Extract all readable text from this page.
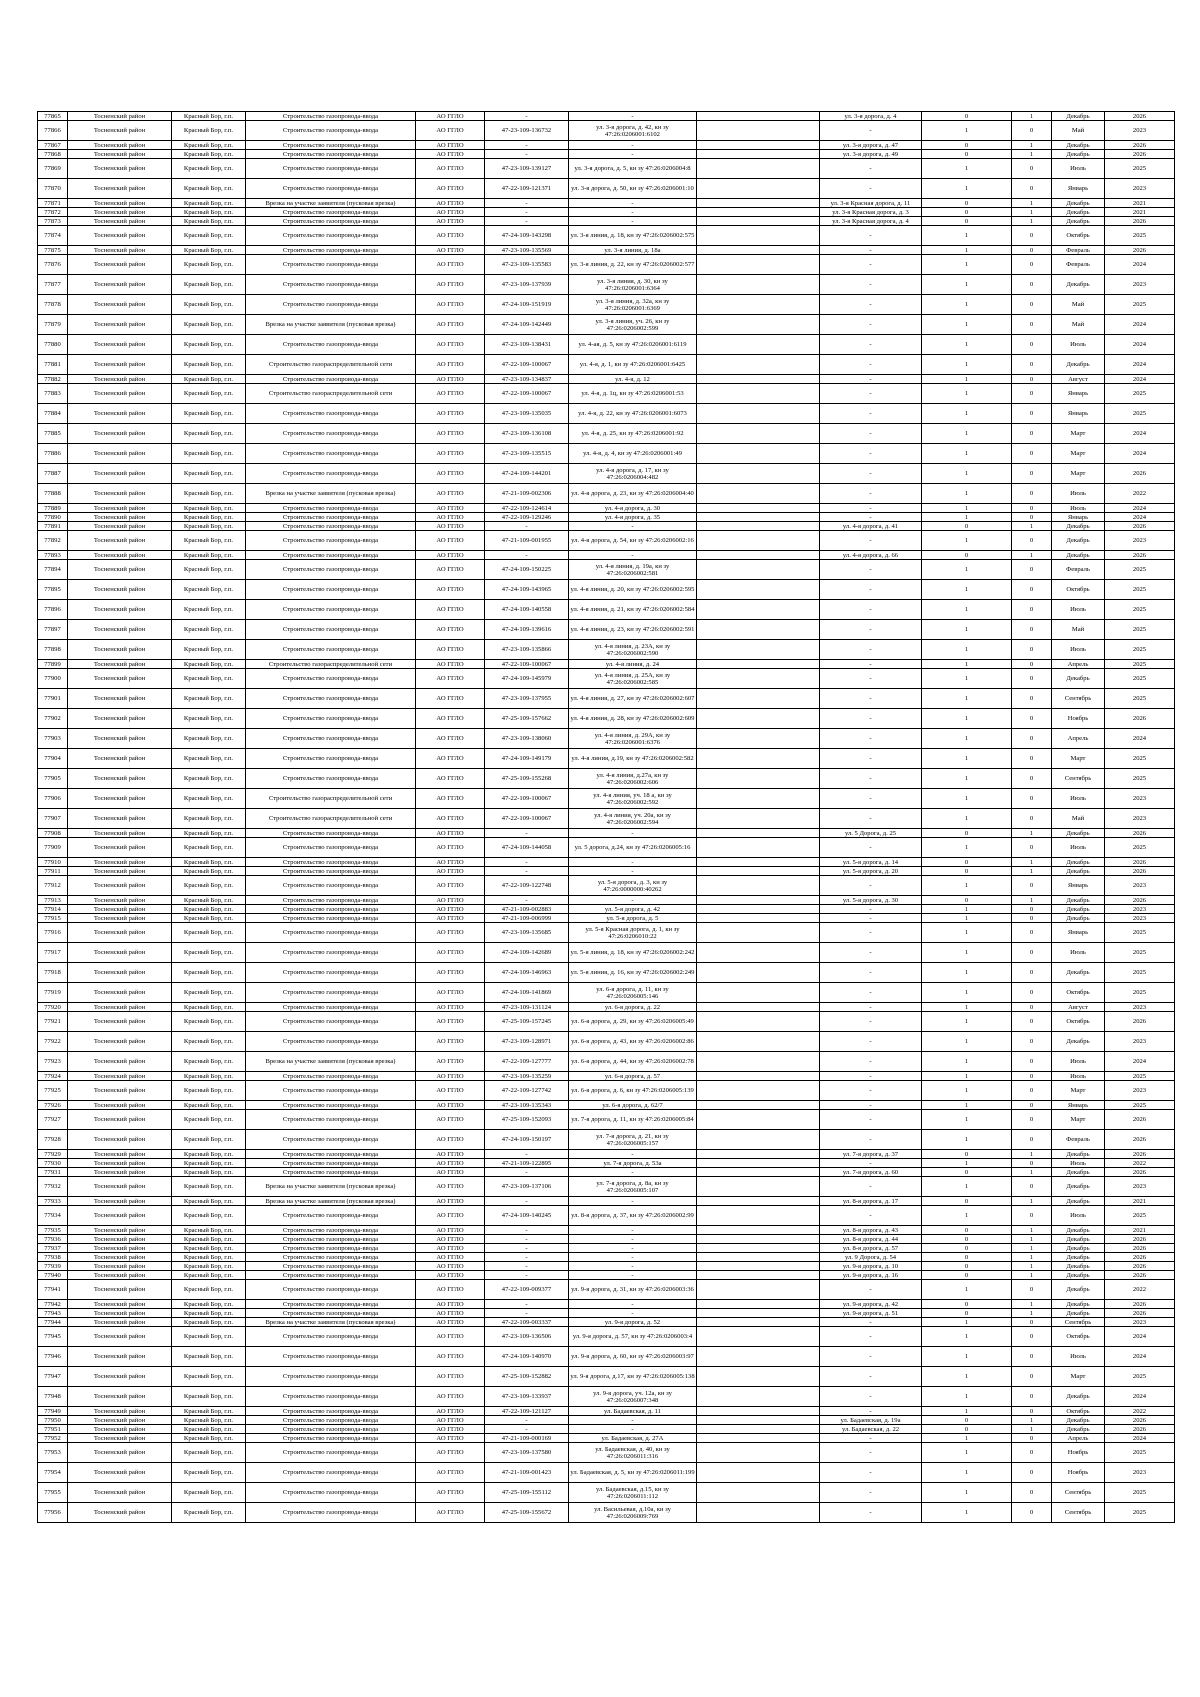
77865	Тосненский район	Красный Бор, г.п.	Строительство газопровода-ввода	АО ГГЛО	-	-		ул. 3-я дорога, д. 4	0	1	Декабрь	2026
77866	Тосненский район	Красный Бор, г.п.	Строительство газопровода-ввода	АО ГГЛО	47-23-109-136732	ул. 3-я дорога, д. 42, кн зу 47:26:0206001:6102		-	1	0	Май	2023
77867	Тосненский район	Красный Бор, г.п.	Строительство газопровода-ввода	АО ГГЛО	-	-		ул. 3-я дорога, д. 47	0	1	Декабрь	2026
77868	Тосненский район	Красный Бор, г.п.	Строительство газопровода-ввода	АО ГГЛО	-	-		ул. 3-я дорога, д. 49	0	1	Декабрь	2026
77869	Тосненский район	Красный Бор, г.п.	Строительство газопровода-ввода	АО ГГЛО	47-23-109-139127	ул. 3-я дорога, д. 5, кн зу 47:26:0206004:8		-	1	0	Июль	2025
77870	Тосненский район	Красный Бор, г.п.	Строительство газопровода-ввода	АО ГГЛО	47-22-109-121371	ул. 3-я дорога, д. 50, кн зу 47:26:0206001:10		-	1	0	Январь	2023
77871	Тосненский район	Красный Бор, г.п.	Врезка на участке заявителя (пусковая врезка)	АО ГГЛО	-	-		ул. 3-я Красная дорога, д. 11	0	1	Декабрь	2021
77872	Тосненский район	Красный Бор, г.п.	Строительство газопровода-ввода	АО ГГЛО	-	-		ул. 3-я Красная дорога, д. 3	0	1	Декабрь	2021
77873	Тосненский район	Красный Бор, г.п.	Строительство газопровода-ввода	АО ГГЛО	-	-		ул. 3-я Красная дорога, д. 4	0	1	Декабрь	2026
77874	Тосненский район	Красный Бор, г.п.	Строительство газопровода-ввода	АО ГГЛО	47-24-109-143298	ул. 3-я линия, д. 18, кн зу 47:26:0206002:575		-	1	0	Октябрь	2025
77875	Тосненский район	Красный Бор, г.п.	Строительство газопровода-ввода	АО ГГЛО	47-23-109-135569	ул. 3-я линия, д. 18а		-	1	0	Февраль	2026
77876	Тосненский район	Красный Бор, г.п.	Строительство газопровода-ввода	АО ГГЛО	47-23-109-135583	ул. 3-я линия, д. 22, кн зу 47:26:0206002:577		-	1	0	Февраль	2024
77877	Тосненский район	Красный Бор, г.п.	Строительство газопровода-ввода	АО ГГЛО	47-23-109-137939	ул. 3-я линия, д. 30, кн зу 47:26:0206001:6364		-	1	0	Декабрь	2023
77878	Тосненский район	Красный Бор, г.п.	Строительство газопровода-ввода	АО ГГЛО	47-24-109-151919	ул. 3-я линия, д. 32а, кн зу 47:26:0206001:6369		-	1	0	Май	2025
77879	Тосненский район	Красный Бор, г.п.	Врезка на участке заявителя (пусковая врезка)	АО ГГЛО	47-24-109-142449	ул. 3-я линия, уч. 26, кн зу 47:26:0206002:599		-	1	0	Май	2024
77880	Тосненский район	Красный Бор, г.п.	Строительство газопровода-ввода	АО ГГЛО	47-23-109-138431	ул. 4-ая, д. 5, кн зу 47:26:0206001:6119		-	1	0	Июль	2024
77881	Тосненский район	Красный Бор, г.п.	Строительство газораспределительной сети	АО ГГЛО	47-22-109-100067	ул. 4-я, д. 1, кн зу 47:26:0206001:6425		-	1	0	Декабрь	2024
77882	Тосненский район	Красный Бор, г.п.	Строительство газопровода-ввода	АО ГГЛО	47-23-109-134837	ул. 4-я, д. 12		-	1	0	Август	2024
77883	Тосненский район	Красный Бор, г.п.	Строительство газораспределительной сети	АО ГГЛО	47-22-109-100067	ул. 4-я, д. 1ц, кн зу 47:26:0206001:53		-	1	0	Январь	2025
77884	Тосненский район	Красный Бор, г.п.	Строительство газопровода-ввода	АО ГГЛО	47-23-109-135035	ул. 4-я, д. 22, кн зу 47:26:0206001:6073		-	1	0	Январь	2025
77885	Тосненский район	Красный Бор, г.п.	Строительство газопровода-ввода	АО ГГЛО	47-23-109-136108	ул. 4-я, д. 25, кн зу 47:26:0206001:92		-	1	0	Март	2024
77886	Тосненский район	Красный Бор, г.п.	Строительство газопровода-ввода	АО ГГЛО	47-23-109-135515	ул. 4-я, д. 4, кн зу 47:26:0206001:49		-	1	0	Март	2024
77887	Тосненский район	Красный Бор, г.п.	Строительство газопровода-ввода	АО ГГЛО	47-24-109-144201	ул. 4-я дорога, д. 17, кн зу 47:26:0206004:482		-	1	0	Март	2026
77888	Тосненский район	Красный Бор, г.п.	Врезка на участке заявителя (пусковая врезка)	АО ГГЛО	47-21-109-002306	ул. 4-я дорога, д. 23, кн зу 47:26:0206004:40		-	1	0	Июль	2022
77889	Тосненский район	Красный Бор, г.п.	Строительство газопровода-ввода	АО ГГЛО	47-22-109-124614	ул. 4-я дорога, д. 30		-	1	0	Июль	2024
77890	Тосненский район	Красный Бор, г.п.	Строительство газопровода-ввода	АО ГГЛО	47-22-109-129246	ул. 4-я дорога, д. 35		-	1	0	Январь	2024
77891	Тосненский район	Красный Бор, г.п.	Строительство газопровода-ввода	АО ГГЛО	-	-		ул. 4-я дорога, д. 41	0	1	Декабрь	2026
77892	Тосненский район	Красный Бор, г.п.	Строительство газопровода-ввода	АО ГГЛО	47-21-109-001955	ул. 4-я дорога, д. 54, кн зу 47:26:0206002:16		-	1	0	Декабрь	2023
77893	Тосненский район	Красный Бор, г.п.	Строительство газопровода-ввода	АО ГГЛО	-	-		ул. 4-я дорога, д. 66	0	1	Декабрь	2026
77894	Тосненский район	Красный Бор, г.п.	Строительство газопровода-ввода	АО ГГЛО	47-24-109-150225	ул. 4-я линия, д. 19а, кн зу 47:26:0206002:581		-	1	0	Февраль	2025
77895	Тосненский район	Красный Бор, г.п.	Строительство газопровода-ввода	АО ГГЛО	47-24-109-143965	ул. 4-я линия, д. 20, кн зу 47:26:0206002:595		-	1	0	Октябрь	2025
77896	Тосненский район	Красный Бор, г.п.	Строительство газопровода-ввода	АО ГГЛО	47-24-109-140558	ул. 4-я линия, д. 21, кн зу 47:26:0206002:584		-	1	0	Июль	2025
77897	Тосненский район	Красный Бор, г.п.	Строительство газопровода-ввода	АО ГГЛО	47-24-109-139616	ул. 4-я линия, д. 23, кн зу 47:26:0206002:591		-	1	0	Май	2025
77898	Тосненский район	Красный Бор, г.п.	Строительство газопровода-ввода	АО ГГЛО	47-23-109-135866	ул. 4-я линия, д. 23А, кн зу 47:26:0206002:590		-	1	0	Июль	2025
77899	Тосненский район	Красный Бор, г.п.	Строительство газораспределительной сети	АО ГГЛО	47-22-109-100067	ул. 4-я линия, д. 24		-	1	0	Апрель	2025
77900	Тосненский район	Красный Бор, г.п.	Строительство газопровода-ввода	АО ГГЛО	47-24-109-145979	ул. 4-я линия, д. 25А, кн зу 47:26:0206002:585		-	1	0	Декабрь	2025
77901	Тосненский район	Красный Бор, г.п.	Строительство газопровода-ввода	АО ГГЛО	47-23-109-137955	ул. 4-я линия, д. 27, кн зу 47:26:0206002:607		-	1	0	Сентябрь	2025
77902	Тосненский район	Красный Бор, г.п.	Строительство газопровода-ввода	АО ГГЛО	47-25-109-157662	ул. 4-я линия, д. 28, кн зу 47:26:0206002:609		-	1	0	Ноябрь	2026
77903	Тосненский район	Красный Бор, г.п.	Строительство газопровода-ввода	АО ГГЛО	47-23-109-138060	ул. 4-я линия, д. 29А, кн зу 47:26:0206001:6376		-	1	0	Апрель	2024
77904	Тосненский район	Красный Бор, г.п.	Строительство газопровода-ввода	АО ГГЛО	47-24-109-149179	ул. 4-я линия, д.19, кн зу 47:26:0206002:582		-	1	0	Март	2025
77905	Тосненский район	Красный Бор, г.п.	Строительство газопровода-ввода	АО ГГЛО	47-25-109-155268	ул. 4-я линия, д.27а, кн зу 47:26:0206002:606		-	1	0	Сентябрь	2025
77906	Тосненский район	Красный Бор, г.п.	Строительство газораспределительной сети	АО ГГЛО	47-22-109-100067	ул. 4-я линия, уч. 18 а, кн зу 47:26:0206002:592		-	1	0	Июль	2023
77907	Тосненский район	Красный Бор, г.п.	Строительство газораспределительной сети	АО ГГЛО	47-22-109-100067	ул. 4-я линия, уч. 20а, кн зу 47:26:0206002:594		-	1	0	Май	2023
77908	Тосненский район	Красный Бор, г.п.	Строительство газопровода-ввода	АО ГГЛО	-	-		ул. 5 Дорога, д. 25	0	1	Декабрь	2026
77909	Тосненский район	Красный Бор, г.п.	Строительство газопровода-ввода	АО ГГЛО	47-24-109-144058	ул. 5 дорога, д.24, кн зу 47:26:0206005:16		-	1	0	Июль	2025
77910	Тосненский район	Красный Бор, г.п.	Строительство газопровода-ввода	АО ГГЛО	-	-		ул. 5-я дорога, д. 14	0	1	Декабрь	2026
77911	Тосненский район	Красный Бор, г.п.	Строительство газопровода-ввода	АО ГГЛО	-	-		ул. 5-я дорога, д. 20	0	1	Декабрь	2026
77912	Тосненский район	Красный Бор, г.п.	Строительство газопровода-ввода	АО ГГЛО	47-22-109-122748	ул. 5-я дорога, д. 3, кн зу 47:26:0000000:40262		-	1	0	Январь	2023
77913	Тосненский район	Красный Бор, г.п.	Строительство газопровода-ввода	АО ГГЛО	-	-		ул. 5-я дорога, д. 30	0	1	Декабрь	2026
77914	Тосненский район	Красный Бор, г.п.	Строительство газопровода-ввода	АО ГГЛО	47-21-109-002883	ул. 5-я дорога, д. 42		-	1	0	Декабрь	2023
77915	Тосненский район	Красный Бор, г.п.	Строительство газопровода-ввода	АО ГГЛО	47-21-109-006999	ул. 5-я дорога, д. 5		-	1	0	Декабрь	2023
77916	Тосненский район	Красный Бор, г.п.	Строительство газопровода-ввода	АО ГГЛО	47-23-109-135685	ул. 5-я Красная дорога, д. 1, кн зу 47:26:0206010:22		-	1	0	Январь	2025
77917	Тосненский район	Красный Бор, г.п.	Строительство газопровода-ввода	АО ГГЛО	47-24-109-142689	ул. 5-я линия, д. 18, кн зу 47:26:0206002:242		-	1	0	Июль	2025
77918	Тосненский район	Красный Бор, г.п.	Строительство газопровода-ввода	АО ГГЛО	47-24-109-146963	ул. 5-я линия, д. 16, кн зу 47:26:0206002:249		-	1	0	Декабрь	2025
77919	Тосненский район	Красный Бор, г.п.	Строительство газопровода-ввода	АО ГГЛО	47-24-109-141869	ул. 6-я дорога, д. 11, кн зу 47:26:0206005:146		-	1	0	Октябрь	2025
77920	Тосненский район	Красный Бор, г.п.	Строительство газопровода-ввода	АО ГГЛО	47-23-109-131124	ул. 6-я дорога, д. 22		-	1	0	Август	2023
77921	Тосненский район	Красный Бор, г.п.	Строительство газопровода-ввода	АО ГГЛО	47-25-109-157245	ул. 6-я дорога, д. 29, кн зу 47:26:0206005:49		-	1	0	Октябрь	2026
77922	Тосненский район	Красный Бор, г.п.	Строительство газопровода-ввода	АО ГГЛО	47-23-109-128971	ул. 6-я дорога, д. 43, кн зу 47:26:0206002:86		-	1	0	Декабрь	2023
77923	Тосненский район	Красный Бор, г.п.	Врезка на участке заявителя (пусковая врезка)	АО ГГЛО	47-22-109-127777	ул. 6-я дорога, д. 44, кн зу 47:26:0206002:78		-	1	0	Июль	2024
77924	Тосненский район	Красный Бор, г.п.	Строительство газопровода-ввода	АО ГГЛО	47-23-109-135259	ул. 6-я дорога, д. 57		-	1	0	Июль	2025
77925	Тосненский район	Красный Бор, г.п.	Строительство газопровода-ввода	АО ГГЛО	47-22-109-127742	ул. 6-я дорога, д. 6, кн зу 47:26:0206005:139		-	1	0	Март	2023
77926	Тосненский район	Красный Бор, г.п.	Строительство газопровода-ввода	АО ГГЛО	47-23-109-135343	ул. 6-я дорога, д. 62/7		-	1	0	Январь	2025
77927	Тосненский район	Красный Бор, г.п.	Строительство газопровода-ввода	АО ГГЛО	47-25-109-152093	ул. 7-я дорога, д. 11, кн зу 47:26:0206005:84		-	1	0	Март	2026
77928	Тосненский район	Красный Бор, г.п.	Строительство газопровода-ввода	АО ГГЛО	47-24-109-150197	ул. 7-я дорога, д. 21, кн зу 47:26:0206005:157		-	1	0	Февраль	2026
77929	Тосненский район	Красный Бор, г.п.	Строительство газопровода-ввода	АО ГГЛО	-	-		ул. 7-я дорога, д. 37	0	1	Декабрь	2026
77930	Тосненский район	Красный Бор, г.п.	Строительство газопровода-ввода	АО ГГЛО	47-21-109-122895	ул. 7-я дорога, д. 53а		-	1	0	Июль	2022
77931	Тосненский район	Красный Бор, г.п.	Строительство газопровода-ввода	АО ГГЛО	-	-		ул. 7-я дорога, д. 60	0	1	Декабрь	2026
77932	Тосненский район	Красный Бор, г.п.	Врезка на участке заявителя (пусковая врезка)	АО ГГЛО	47-23-109-137106	ул. 7-я дорога, д. 8а, кн зу 47:26:0206005:107		-	1	0	Декабрь	2023
77933	Тосненский район	Красный Бор, г.п.	Врезка на участке заявителя (пусковая врезка)	АО ГГЛО	-	-		ул. 8-я дорога, д. 17	0	1	Декабрь	2021
77934	Тосненский район	Красный Бор, г.п.	Строительство газопровода-ввода	АО ГГЛО	47-24-109-140245	ул. 8-я дорога, д. 37, кн зу 47:26:0206002:99		-	1	0	Июль	2025
77935	Тосненский район	Красный Бор, г.п.	Строительство газопровода-ввода	АО ГГЛО	-	-		ул. 8-я дорога, д. 43	0	1	Декабрь	2021
77936	Тосненский район	Красный Бор, г.п.	Строительство газопровода-ввода	АО ГГЛО	-	-		ул. 8-я дорога, д. 44	0	1	Декабрь	2026
77937	Тосненский район	Красный Бор, г.п.	Строительство газопровода-ввода	АО ГГЛО	-	-		ул. 8-я дорога, д. 57	0	1	Декабрь	2026
77938	Тосненский район	Красный Бор, г.п.	Строительство газопровода-ввода	АО ГГЛО	-	-		ул. 9 Дорога, д. 54	0	1	Декабрь	2026
77939	Тосненский район	Красный Бор, г.п.	Строительство газопровода-ввода	АО ГГЛО	-	-		ул. 9-я дорога, д. 10	0	1	Декабрь	2026
77940	Тосненский район	Красный Бор, г.п.	Строительство газопровода-ввода	АО ГГЛО	-	-		ул. 9-я дорога, д. 16	0	1	Декабрь	2026
77941	Тосненский район	Красный Бор, г.п.	Строительство газопровода-ввода	АО ГГЛО	47-22-109-009377	ул. 9-я дорога, д. 31, кн зу 47:26:0206003:36		-	1	0	Декабрь	2022
77942	Тосненский район	Красный Бор, г.п.	Строительство газопровода-ввода	АО ГГЛО	-	-		ул. 9-я дорога, д. 42	0	1	Декабрь	2026
77943	Тосненский район	Красный Бор, г.п.	Строительство газопровода-ввода	АО ГГЛО	-	-		ул. 9-я дорога, д. 51	0	1	Декабрь	2026
77944	Тосненский район	Красный Бор, г.п.	Врезка на участке заявителя (пусковая врезка)	АО ГГЛО	47-22-109-003337	ул. 9-я дорога, д. 52		-	1	0	Сентябрь	2023
77945	Тосненский район	Красный Бор, г.п.	Строительство газопровода-ввода	АО ГГЛО	47-23-109-136506	ул. 9-я дорога, д. 57, кн зу 47:26:0206003:4		-	1	0	Октябрь	2024
77946	Тосненский район	Красный Бор, г.п.	Строительство газопровода-ввода	АО ГГЛО	47-24-109-140970	ул. 9-я дорога, д. 60, кн зу 47:26:0206003:97		-	1	0	Июль	2024
77947	Тосненский район	Красный Бор, г.п.	Строительство газопровода-ввода	АО ГГЛО	47-25-109-152882	ул. 9-я дорога, д.17, кн зу 47:26:0206005:138		-	1	0	Март	2025
77948	Тосненский район	Красный Бор, г.п.	Строительство газопровода-ввода	АО ГГЛО	47-23-109-133937	ул. 9-я дорога, уч. 12а, кн зу 47:26:0206007:348		-	1	0	Декабрь	2024
77949	Тосненский район	Красный Бор, г.п.	Строительство газопровода-ввода	АО ГГЛО	47-22-109-121127	ул. Бадаевская, д. 11		-	1	0	Октябрь	2022
77950	Тосненский район	Красный Бор, г.п.	Строительство газопровода-ввода	АО ГГЛО	-	-		ул. Бадаевская, д. 19а	0	1	Декабрь	2026
77951	Тосненский район	Красный Бор, г.п.	Строительство газопровода-ввода	АО ГГЛО	-	-		ул. Бадаевская, д. 22	0	1	Декабрь	2026
77952	Тосненский район	Красный Бор, г.п.	Строительство газопровода-ввода	АО ГГЛО	47-21-109-000169	ул. Бадаевская, д. 27А		-	1	0	Апрель	2024
77953	Тосненский район	Красный Бор, г.п.	Строительство газопровода-ввода	АО ГГЛО	47-23-109-137580	ул. Бадаевская, д. 40, кн зу 47:26:0206011:316		-	1	0	Ноябрь	2025
77954	Тосненский район	Красный Бор, г.п.	Строительство газопровода-ввода	АО ГГЛО	47-21-109-001423	ул. Бадаевская, д. 5, кн зу 47:26:0206011:199		-	1	0	Ноябрь	2023
77955	Тосненский район	Красный Бор, г.п.	Строительство газопровода-ввода	АО ГГЛО	47-25-109-155112	ул. Бадаевская, д.15, кн зу 47:26:0206011:112		-	1	0	Сентябрь	2025
77956	Тосненский район	Красный Бор, г.п.	Строительство газопровода-ввода	АО ГГЛО	47-25-109-155672	ул. Васильевая, д.10а, кн зу 47:26:0206009:769		-	1	0	Сентябрь	2025
